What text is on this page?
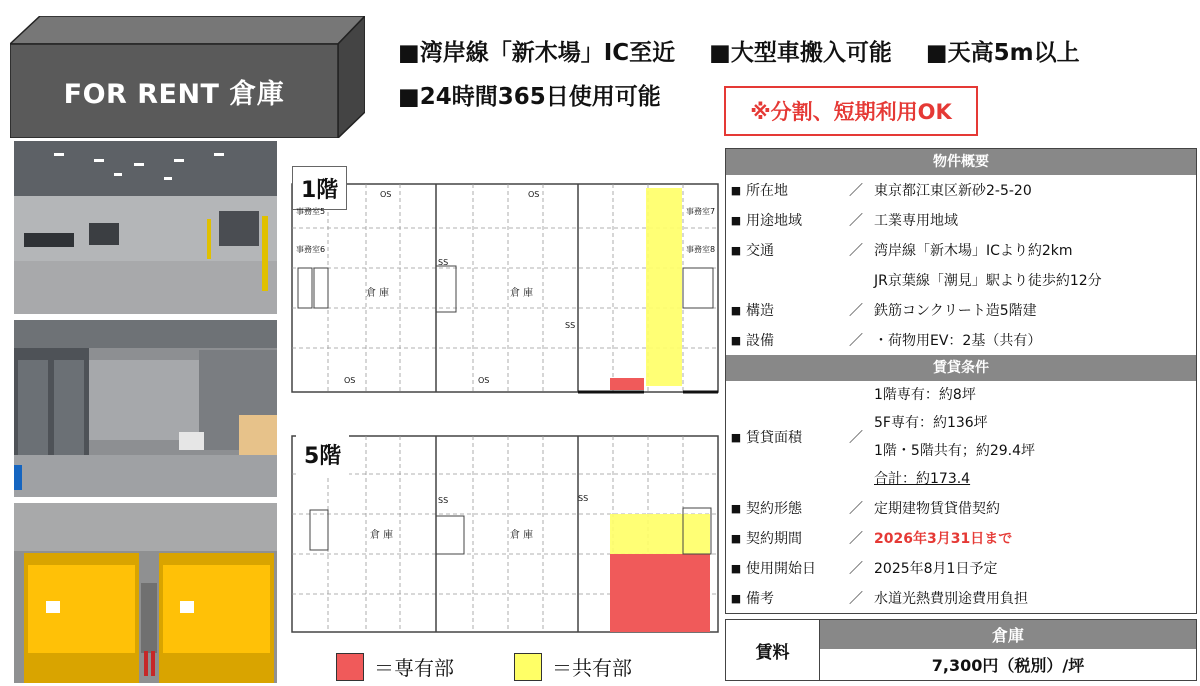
FOR RENT 倉庫
■湾岸線「新木場」IC至近 ■大型車搬入可能 ■天高5m以上
■24時間365日使用可能
※分割、短期利用OK
1階
事務室5
事務室6
事務室7
事務室8
倉 庫	倉 庫
SS
SS
OS	OS
OS	OS
5階
倉 庫	倉 庫
SS	SS
＝専有部	＝共有部
物件概要
■ 所在地	／ 東京都江東区新砂2-5-20
■ 用途地域	／ 工業専用地域
■ 交通	／ 湾岸線「新木場」ICより約2km
JR京葉線「潮見」駅より徒歩約12分
■ 構造	／ 鉄筋コンクリート造5階建
■ 設備	／ ・荷物用EV：2基（共有）
賃貸条件
■ 賃貸面積	／
1階専有：約8坪
5F専有：約136坪
1階・5階共有；約29.4坪
合計：約173.4
■ 契約形態	／ 定期建物賃貸借契約
■ 契約期間	／ 2026年3月31日まで
■ 使用開始日	／ 2025年8月1日予定
■ 備考	／ 水道光熱費別途費用負担
賃料
倉庫
7,300円（税別）/坪
